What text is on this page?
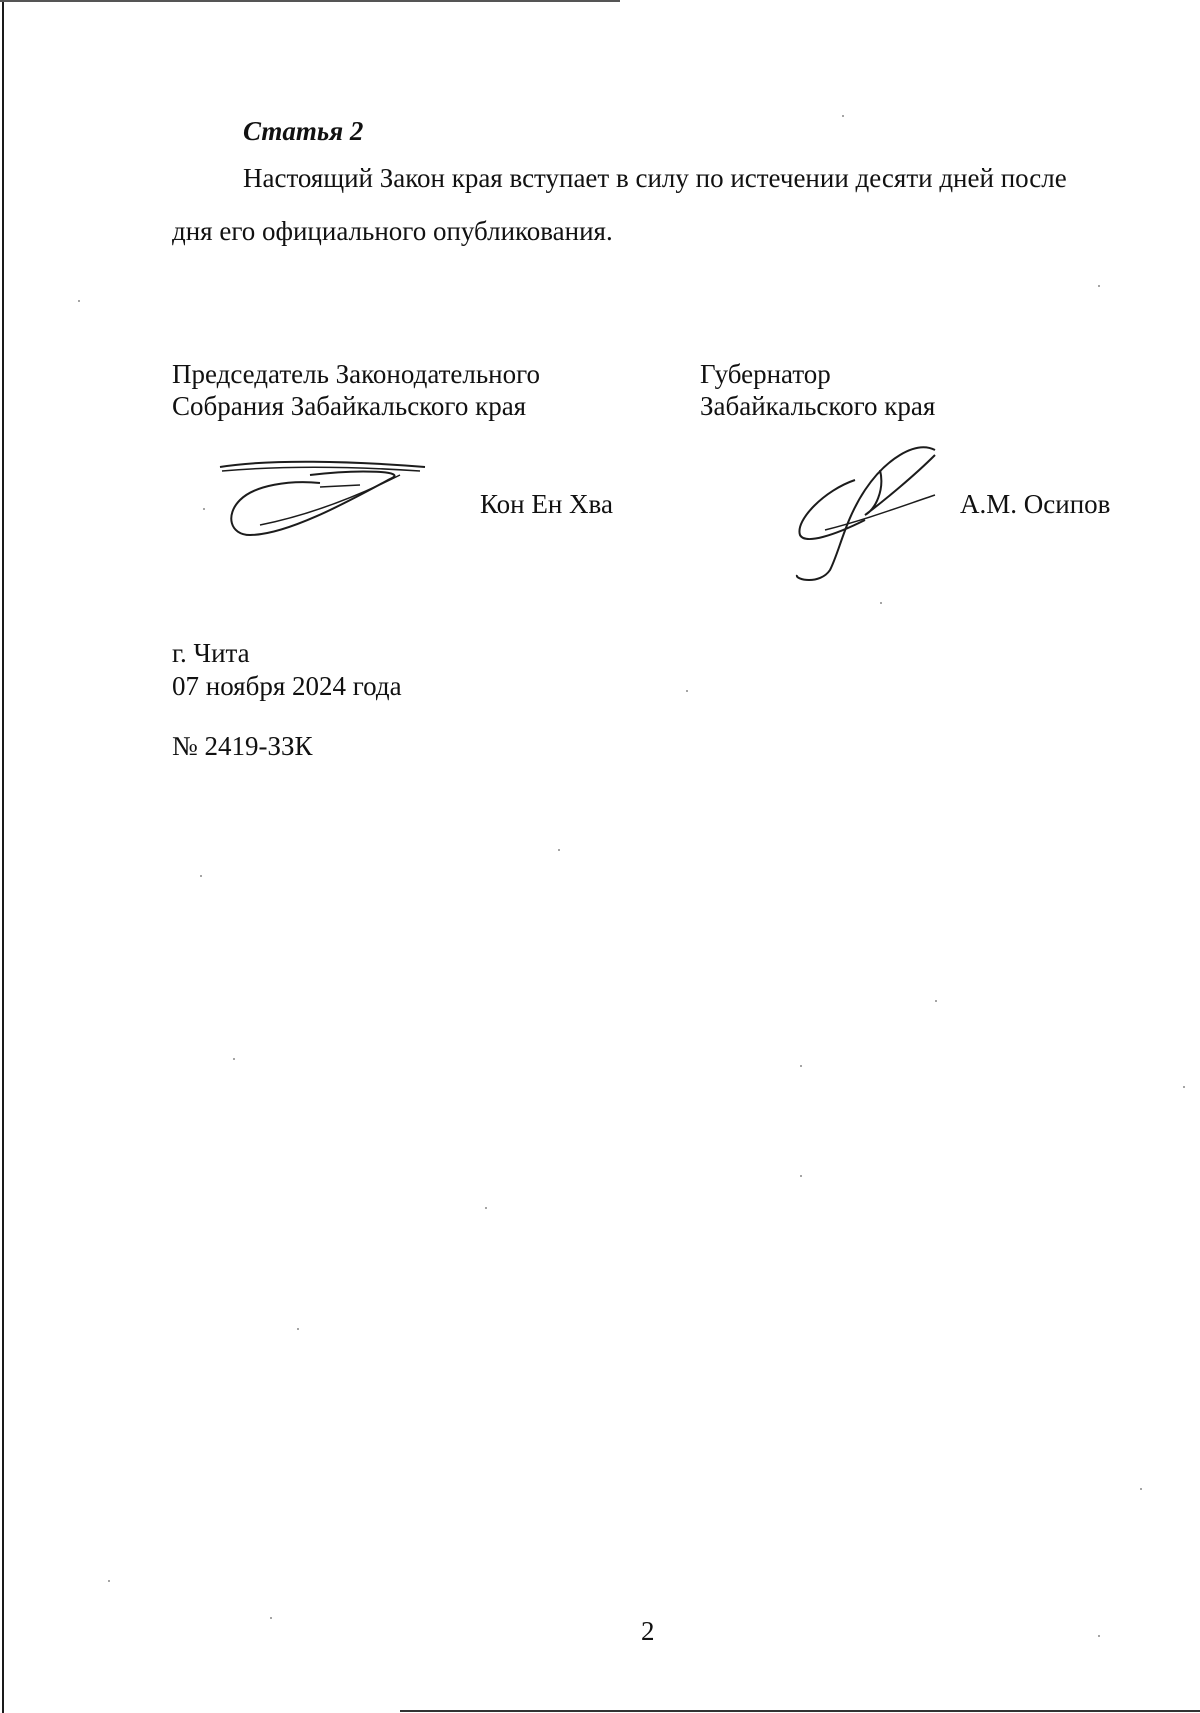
Статья 2
Настоящий Закон края вступает в силу по истечении десяти дней после
дня его официального опубликования.
Председатель Законодательного
Собрания Забайкальского края
Губернатор
Забайкальского края
Кон Ен Хва	А.М. Осипов
г. Чита
07 ноября 2024 года
№ 2419-ЗЗК
2
